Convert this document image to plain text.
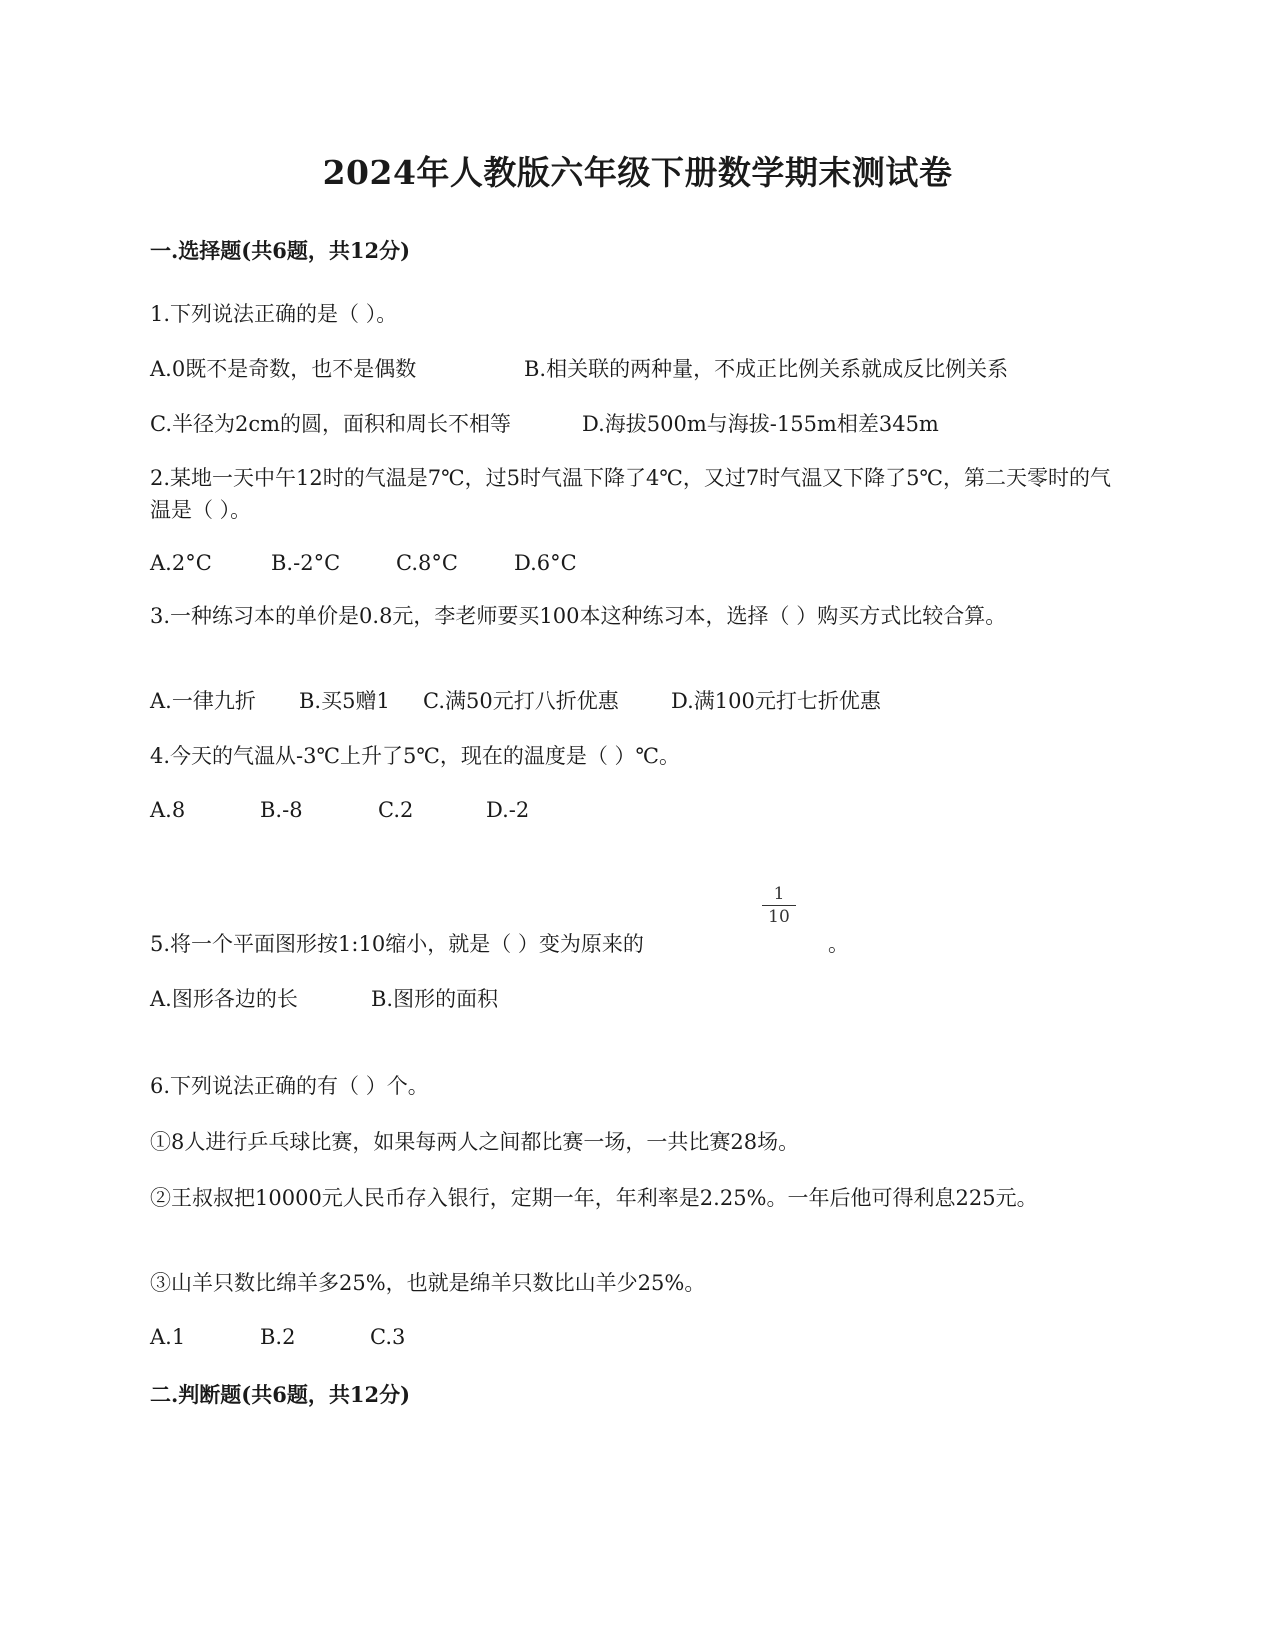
2024年人教版六年级下册数学期末测试卷
一.选择题(共6题，共12分)
1.下列说法正确的是（ ）。
A.0既不是奇数，也不是偶数	B.相关联的两种量，不成正比例关系就成反比例关系
C.半径为2cm的圆，面积和周长不相等	D.海拔500m与海拔-155m相差345m
2.某地一天中午12时的气温是7℃，过5时气温下降了4℃，又过7时气温又下降了5℃，第二天零时的气温是（ ）。
A.2°C	B.-2°C	C.8°C	D.6°C
3.一种练习本的单价是0.8元，李老师要买100本这种练习本，选择（ ）购买方式比较合算。
A.一律九折 B.买5赠1 C.满50元打八折优惠 D.满100元打七折优惠
4.今天的气温从-3℃上升了5℃，现在的温度是（ ）℃。
A.8	B.-8	C.2	D.-2
5.将一个平面图形按1:10缩小，就是（ ）变为原来的
$\frac{1}{10}$
。
A.图形各边的长	B.图形的面积
6.下列说法正确的有（ ）个。
①8人进行乒乓球比赛，如果每两人之间都比赛一场，一共比赛28场。
②王叔叔把10000元人民币存入银行，定期一年，年利率是2.25%。一年后他可得利息225元。
③山羊只数比绵羊多25%，也就是绵羊只数比山羊少25%。
A.1	B.2	C.3
二.判断题(共6题，共12分)
